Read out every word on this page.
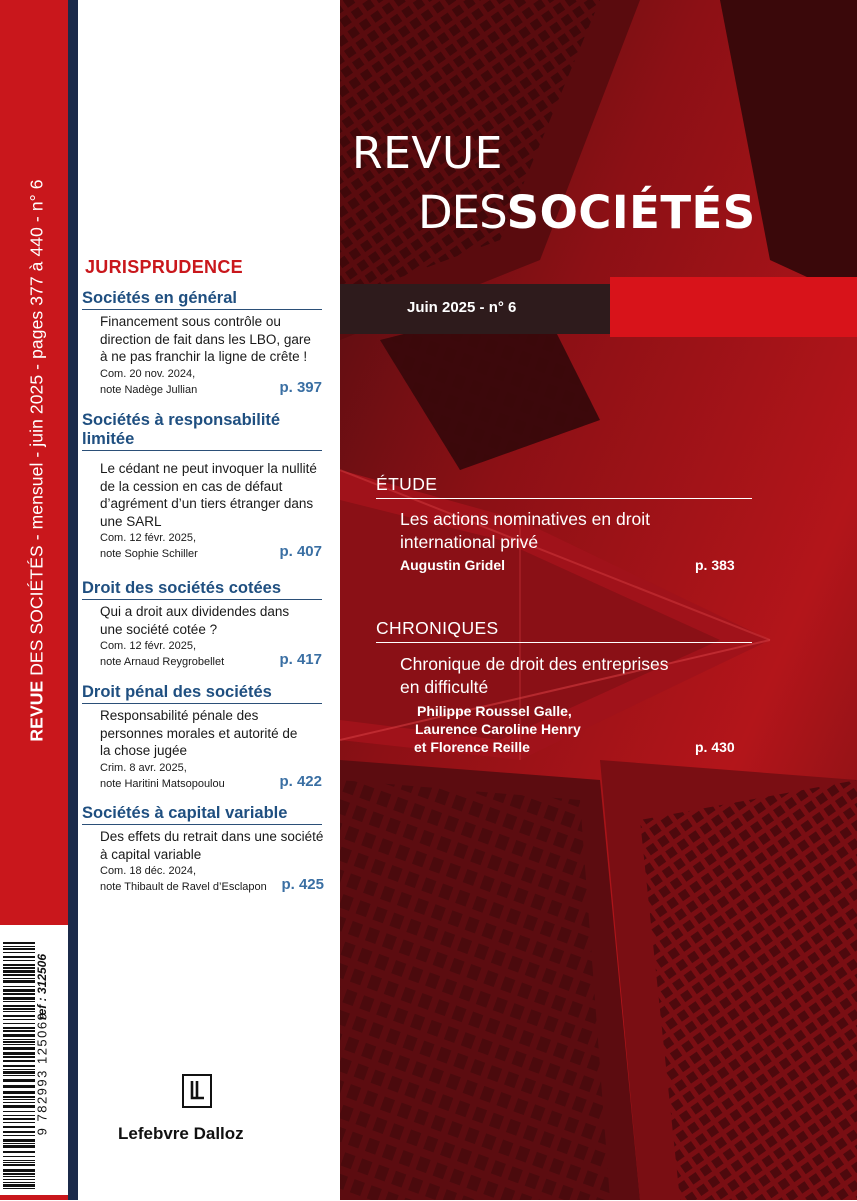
REVUE DES SOCIÉTÉS - mensuel - juin 2025 - pages 377 à 440 - n° 6
9 782993 125069
ref : 312506
JURISPRUDENCE
Sociétés en général
Financement sous contrôle ou direction de fait dans les LBO, gare à ne pas franchir la ligne de crête !
Com. 20 nov. 2024,
note Nadège Jullian	p. 397
Sociétés à responsabilité limitée
Le cédant ne peut invoquer la nullité de la cession en cas de défaut d’agrément d’un tiers étranger dans une SARL
Com. 12 févr. 2025,
note Sophie Schiller	p. 407
Droit des sociétés cotées
Qui a droit aux dividendes dans une société cotée ?
Com. 12 févr. 2025,
note Arnaud Reygrobellet	p. 417
Droit pénal des sociétés
Responsabilité pénale des personnes morales et autorité de la chose jugée
Crim. 8 avr. 2025,
note Haritini Matsopoulou	p. 422
Sociétés à capital variable
Des effets du retrait dans une société à capital variable
Com. 18 déc. 2024,
note Thibault de Ravel d’Esclapon p. 425
Lefebvre Dalloz
Juin 2025 - n° 6
REVUE
DESSOCIÉTÉS
ÉTUDE
Les actions nominatives en droit
international privé
Augustin Gridel	p. 383
CHRONIQUES
Chronique de droit des entreprises
en difficulté
Philippe Roussel Galle,
Laurence Caroline Henry
et Florence Reille	p. 430
